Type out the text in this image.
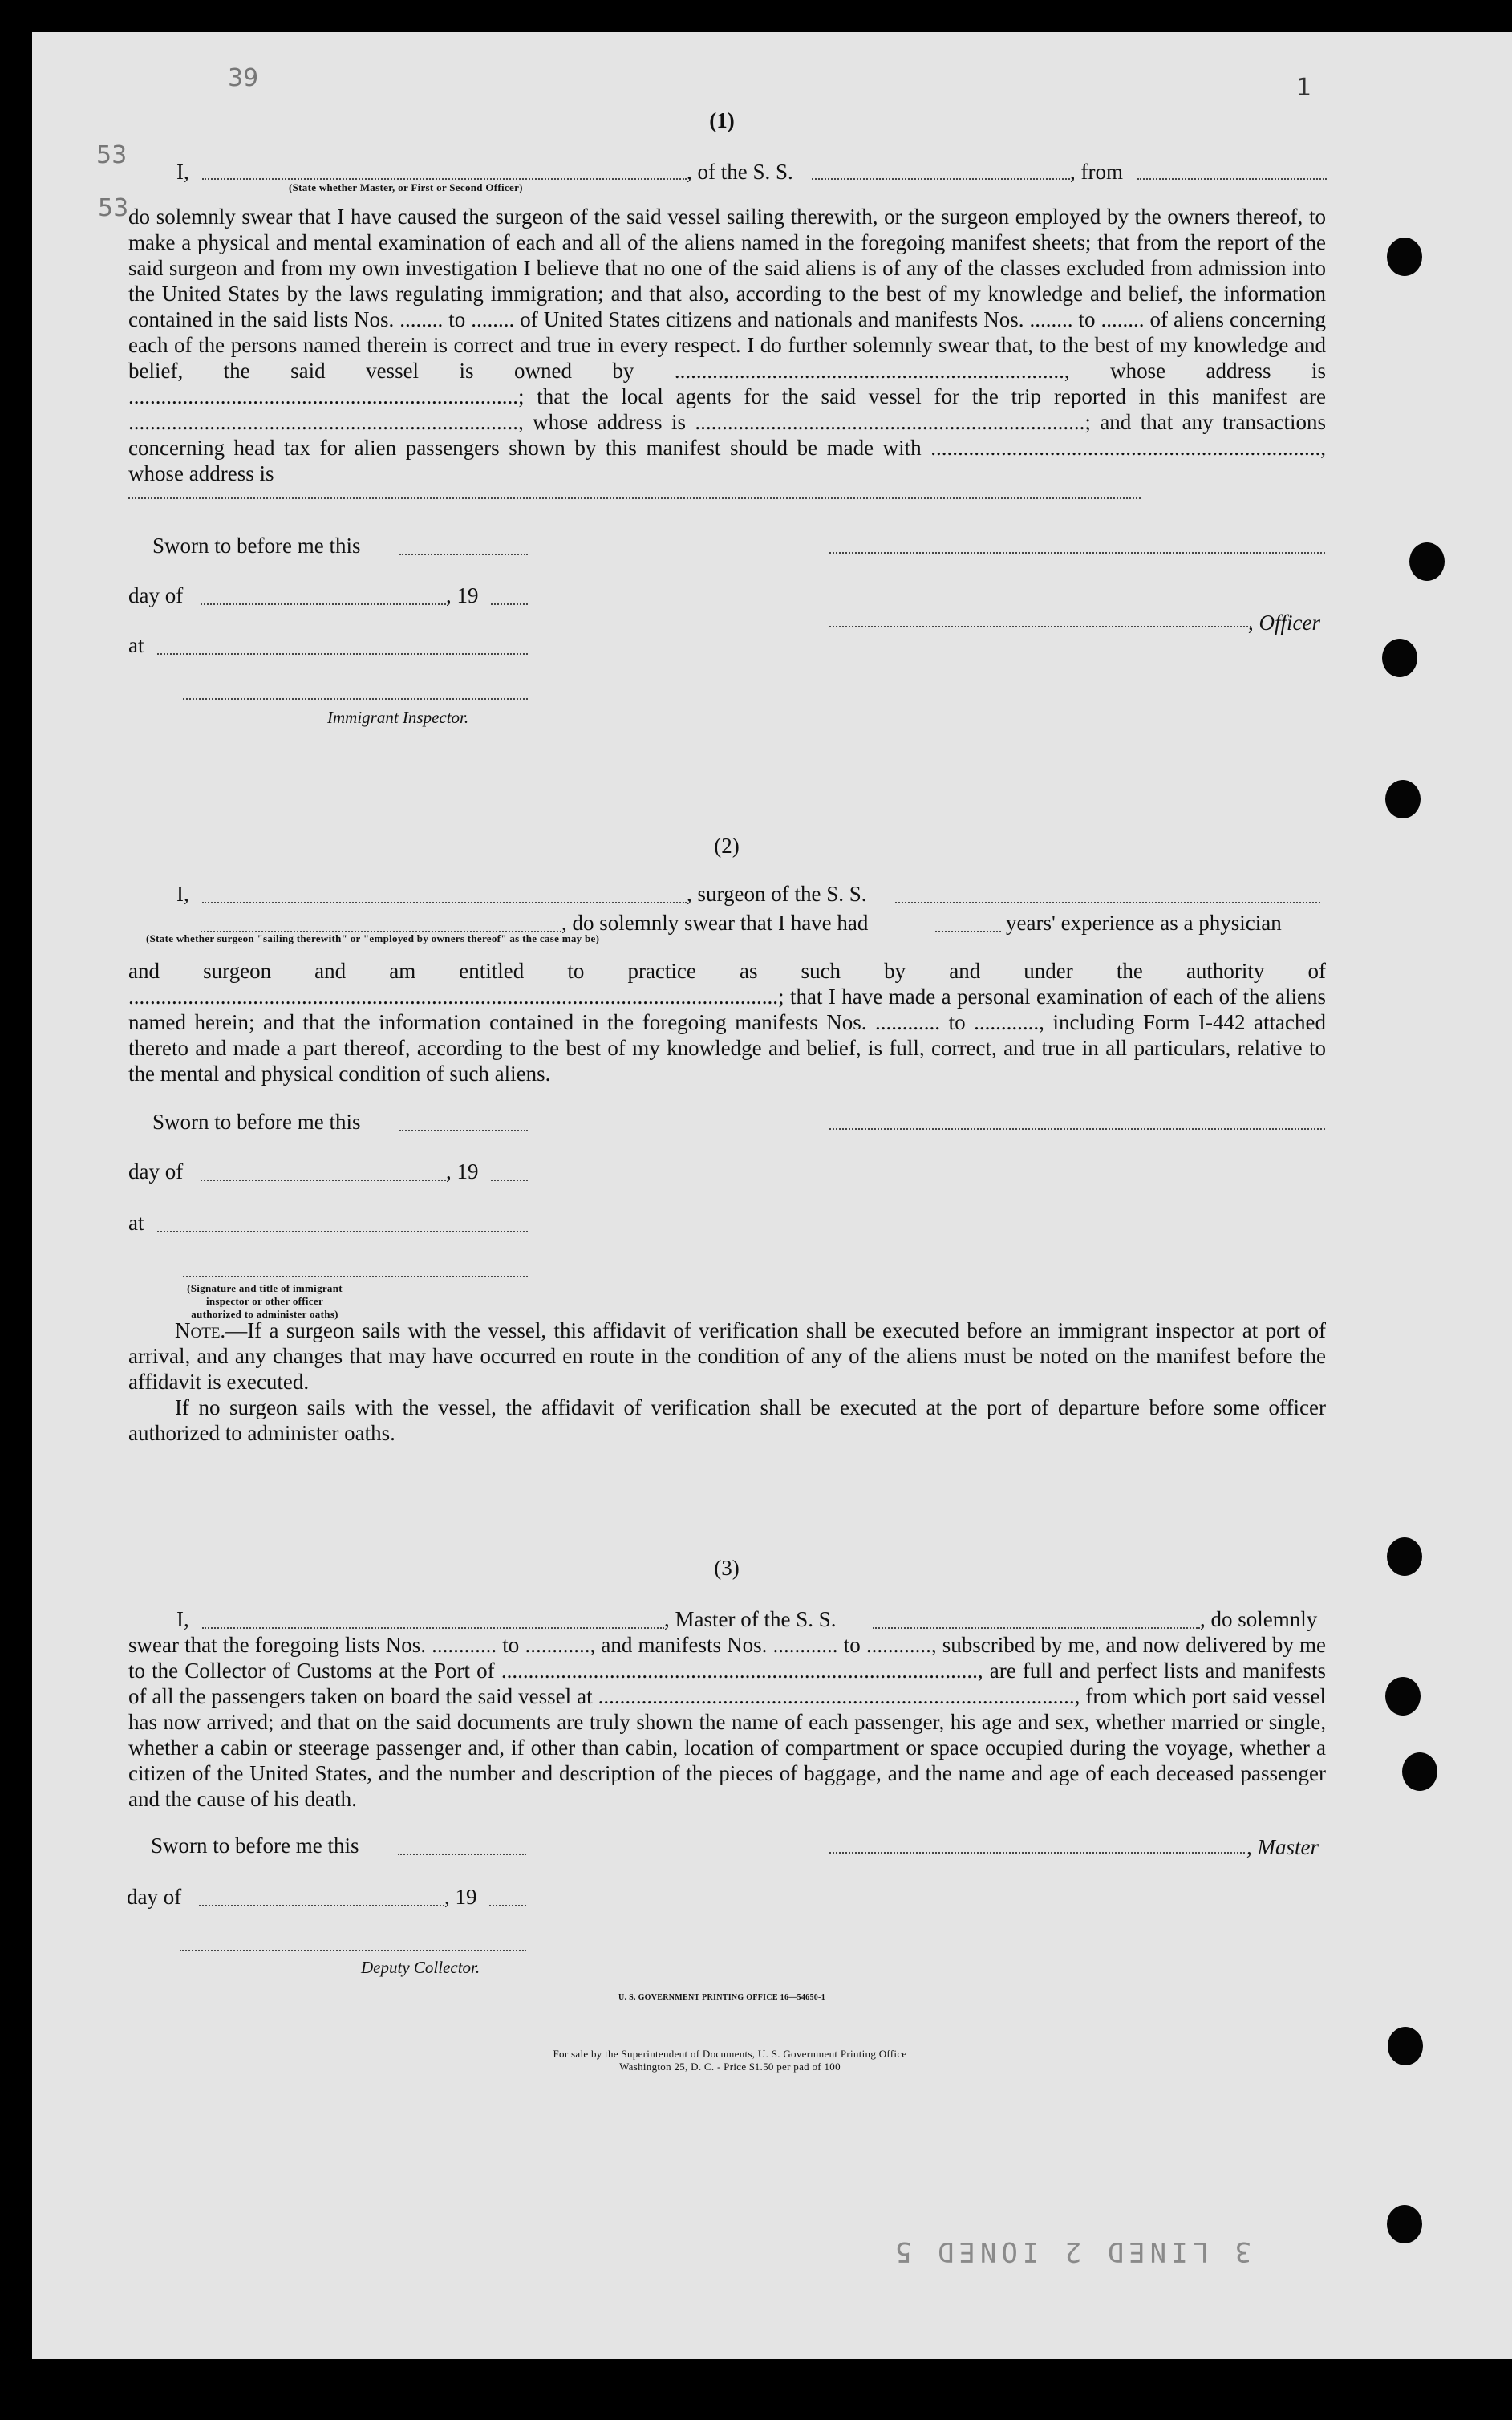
39
53
53
1
3 LINED 2 IONED 5
(1)
I,	, of the S. S.	, from
(State whether Master, or First or Second Officer)
do solemnly swear that I have caused the surgeon of the said vessel sailing therewith, or the surgeon employed by the owners thereof, to make a physical and mental examination of each and all of the aliens named in the foregoing manifest sheets; that from the report of the said surgeon and from my own investigation I believe that no one of the said aliens is of any of the classes excluded from admission into the United States by the laws regulating immigration; and that also, according to the best of my knowledge and belief, the information contained in the said lists Nos. ........ to ........ of United States citizens and nationals and manifests Nos. ........ to ........ of aliens concerning each of the persons named therein is correct and true in every respect. I do further solemnly swear that, to the best of my knowledge and belief, the said vessel is owned by ........................................................................, whose address is ........................................................................; that the local agents for the said vessel for the trip reported in this manifest are ........................................................................, whose address is ........................................................................; and that any transactions concerning head tax for alien passengers shown by this manifest should be made with ........................................................................, whose address is
Sworn to before me this
day of	, 19
at
, Officer
Immigrant Inspector.
(2)
I,	, surgeon of the S. S.
, do solemnly swear that I have had	years' experience as a physician
(State whether surgeon "sailing therewith" or "employed by owners thereof" as the case may be)
and surgeon and am entitled to practice as such by and under the authority of ........................................................................................................................; that I have made a personal examination of each of the aliens named herein; and that the information contained in the foregoing manifests Nos. ............ to ............, including Form I-442 attached thereto and made a part thereof, according to the best of my knowledge and belief, is full, correct, and true in all particulars, relative to the mental and physical condition of such aliens.
Sworn to before me this
day of	, 19
at
(Signature and title of immigrant inspector or other officer authorized to administer oaths)
Note.—If a surgeon sails with the vessel, this affidavit of verification shall be executed before an immigrant inspector at port of arrival, and any changes that may have occurred en route in the condition of any of the aliens must be noted on the manifest before the affidavit is executed.
If no surgeon sails with the vessel, the affidavit of verification shall be executed at the port of departure before some officer authorized to administer oaths.
(3)
I,	, Master of the S. S.	, do solemnly
swear that the foregoing lists Nos. ............ to ............, and manifests Nos. ............ to ............, subscribed by me, and now delivered by me to the Collector of Customs at the Port of ........................................................................................, are full and perfect lists and manifests of all the passengers taken on board the said vessel at ........................................................................................, from which port said vessel has now arrived; and that on the said documents are truly shown the name of each passenger, his age and sex, whether married or single, whether a cabin or steerage passenger and, if other than cabin, location of compartment or space occupied during the voyage, whether a citizen of the United States, and the number and description of the pieces of baggage, and the name and age of each deceased passenger and the cause of his death.
Sworn to before me this	, Master
day of	, 19
Deputy Collector.
U. S. GOVERNMENT PRINTING OFFICE 16—54650-1
For sale by the Superintendent of Documents, U. S. Government Printing Office
Washington 25, D. C. - Price $1.50 per pad of 100
